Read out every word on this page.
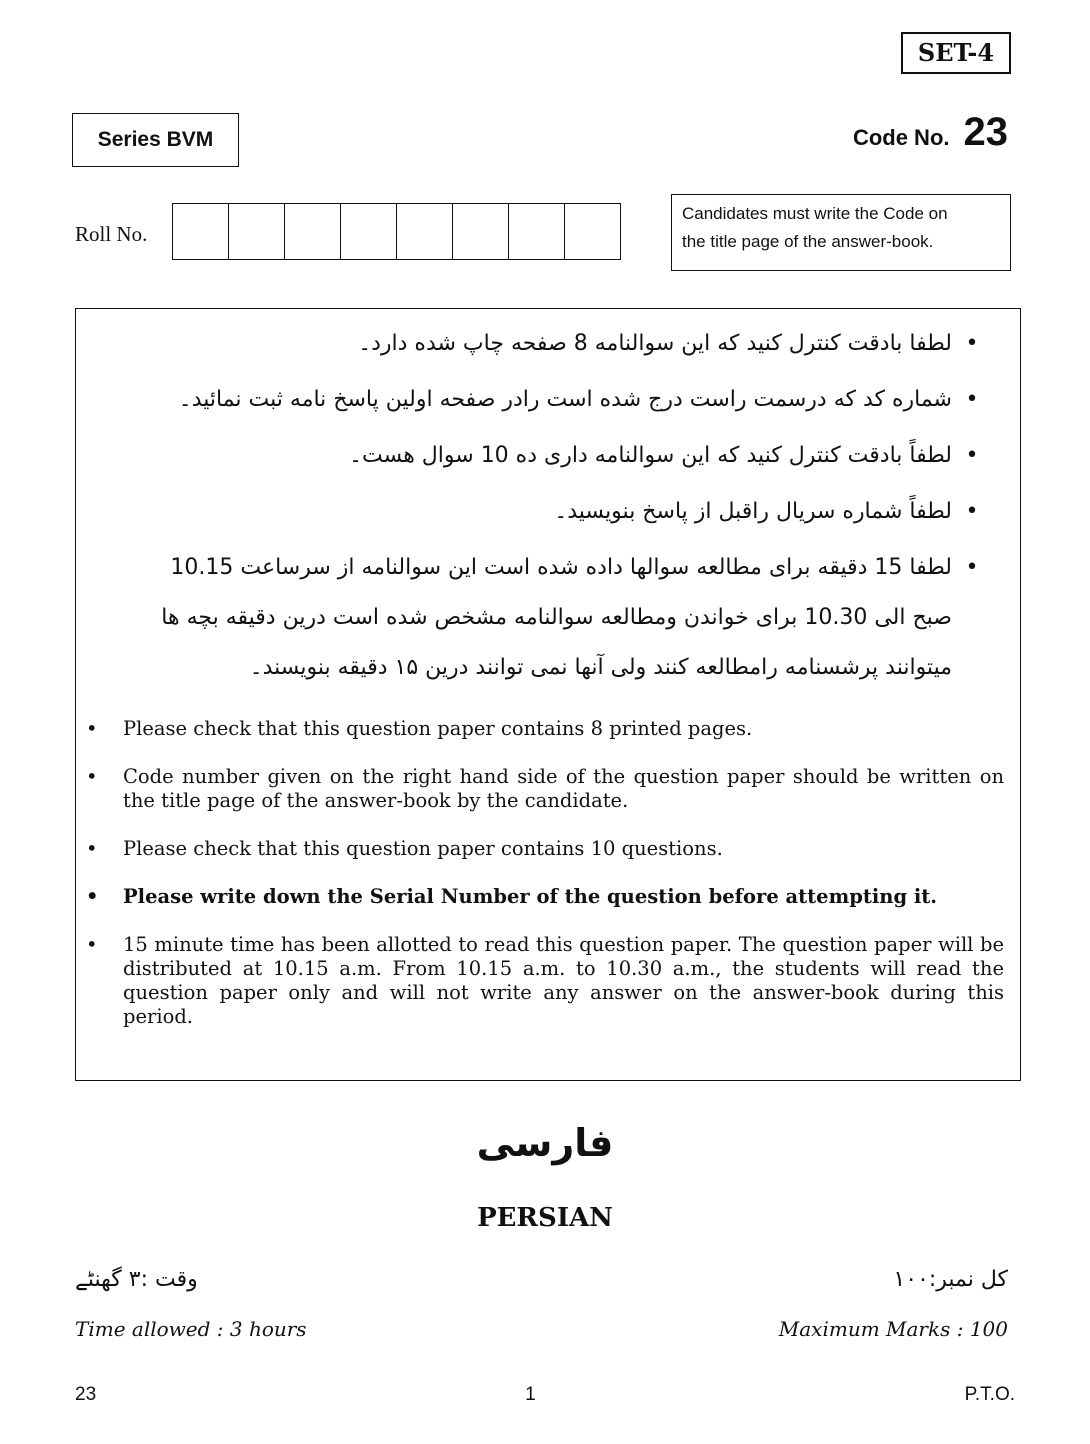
SET-4
Series BVM	Code No. 23
Roll No.
Candidates must write the Code on
the title page of the answer-book.
•
لطفا بادقت کنترل کنید که این سوالنامه 8 صفحه چاپ شده دارد۔
•
شماره کد که درسمت راست درج شده است رادر صفحه اولین پاسخ نامه ثبت نمائید۔
•
لطفاً بادقت کنترل کنید که این سوالنامه داری ده 10 سوال هست۔
•
لطفاً شماره سریال راقبل از پاسخ بنویسید۔
•
لطفا 15 دقیقه برای مطالعه سوالها داده شده است این سوالنامه از سرساعت 10.15 صبح الی 10.30 برای خواندن ومطالعه سوالنامه مشخص شده است درین دقیقه بچه ها میتوانند پرشسنامه رامطالعه کنند ولی آنها نمی توانند درین ۱۵ دقیقه بنویسند۔
•	Please check that this question paper contains 8 printed pages.
•	Code number given on the right hand side of the question paper should be written on the title page of the answer-book by the candidate.
•	Please check that this question paper contains 10 questions.
•	Please write down the Serial Number of the question before attempting it.
•	15 minute time has been allotted to read this question paper. The question paper will be distributed at 10.15 a.m. From 10.15 a.m. to 10.30 a.m., the students will read the question paper only and will not write any answer on the answer-book during this period.
فارسی
PERSIAN
وقت :۳ گھنٹے	کل نمبر:۱۰۰
Time allowed : 3 hours	Maximum Marks : 100
23	1	P.T.O.
